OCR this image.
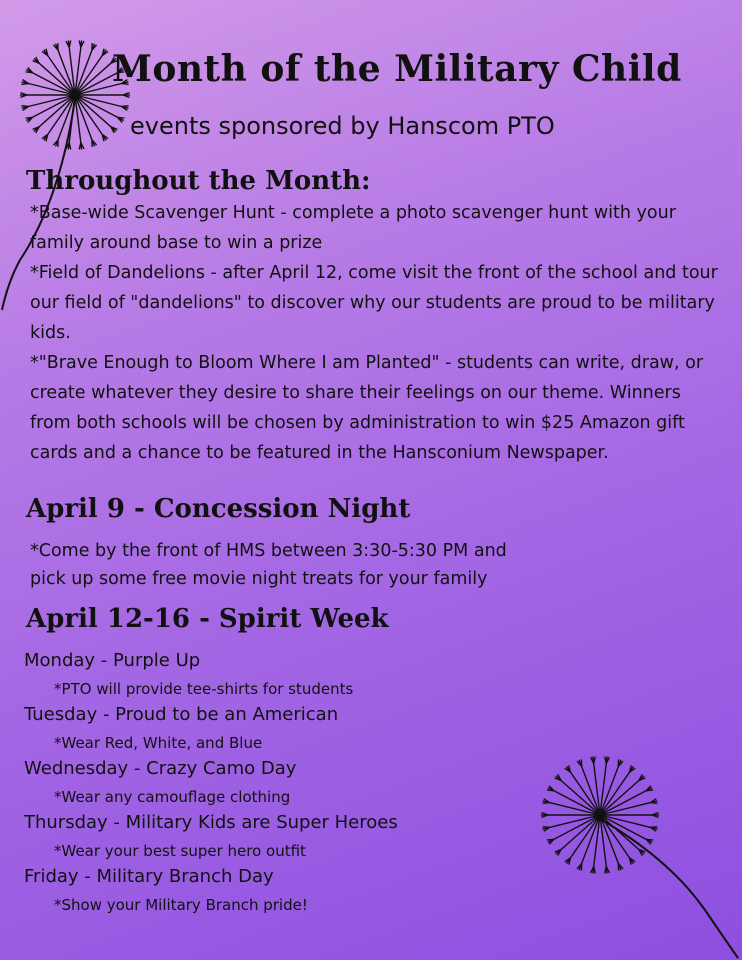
Month of the Military Child
events sponsored by Hanscom PTO
Throughout the Month:
*Base-wide Scavenger Hunt - complete a photo scavenger hunt with your family around base to win a prize
*Field of Dandelions - after April 12, come visit the front of the school and tour our field of "dandelions" to discover why our students are proud to be military kids.
*"Brave Enough to Bloom Where I am Planted" - students can write, draw, or create whatever they desire to share their feelings on our theme. Winners from both schools will be chosen by administration to win $25 Amazon gift cards and a chance to be featured in the Hansconium Newspaper.
April 9 - Concession Night
*Come by the front of HMS between 3:30-5:30 PM and
pick up some free movie night treats for your family
April 12-16 - Spirit Week
Monday - Purple Up
*PTO will provide tee-shirts for students
Tuesday - Proud to be an American
*Wear Red, White, and Blue
Wednesday - Crazy Camo Day
*Wear any camouflage clothing
Thursday - Military Kids are Super Heroes
*Wear your best super hero outfit
Friday - Military Branch Day
*Show your Military Branch pride!
